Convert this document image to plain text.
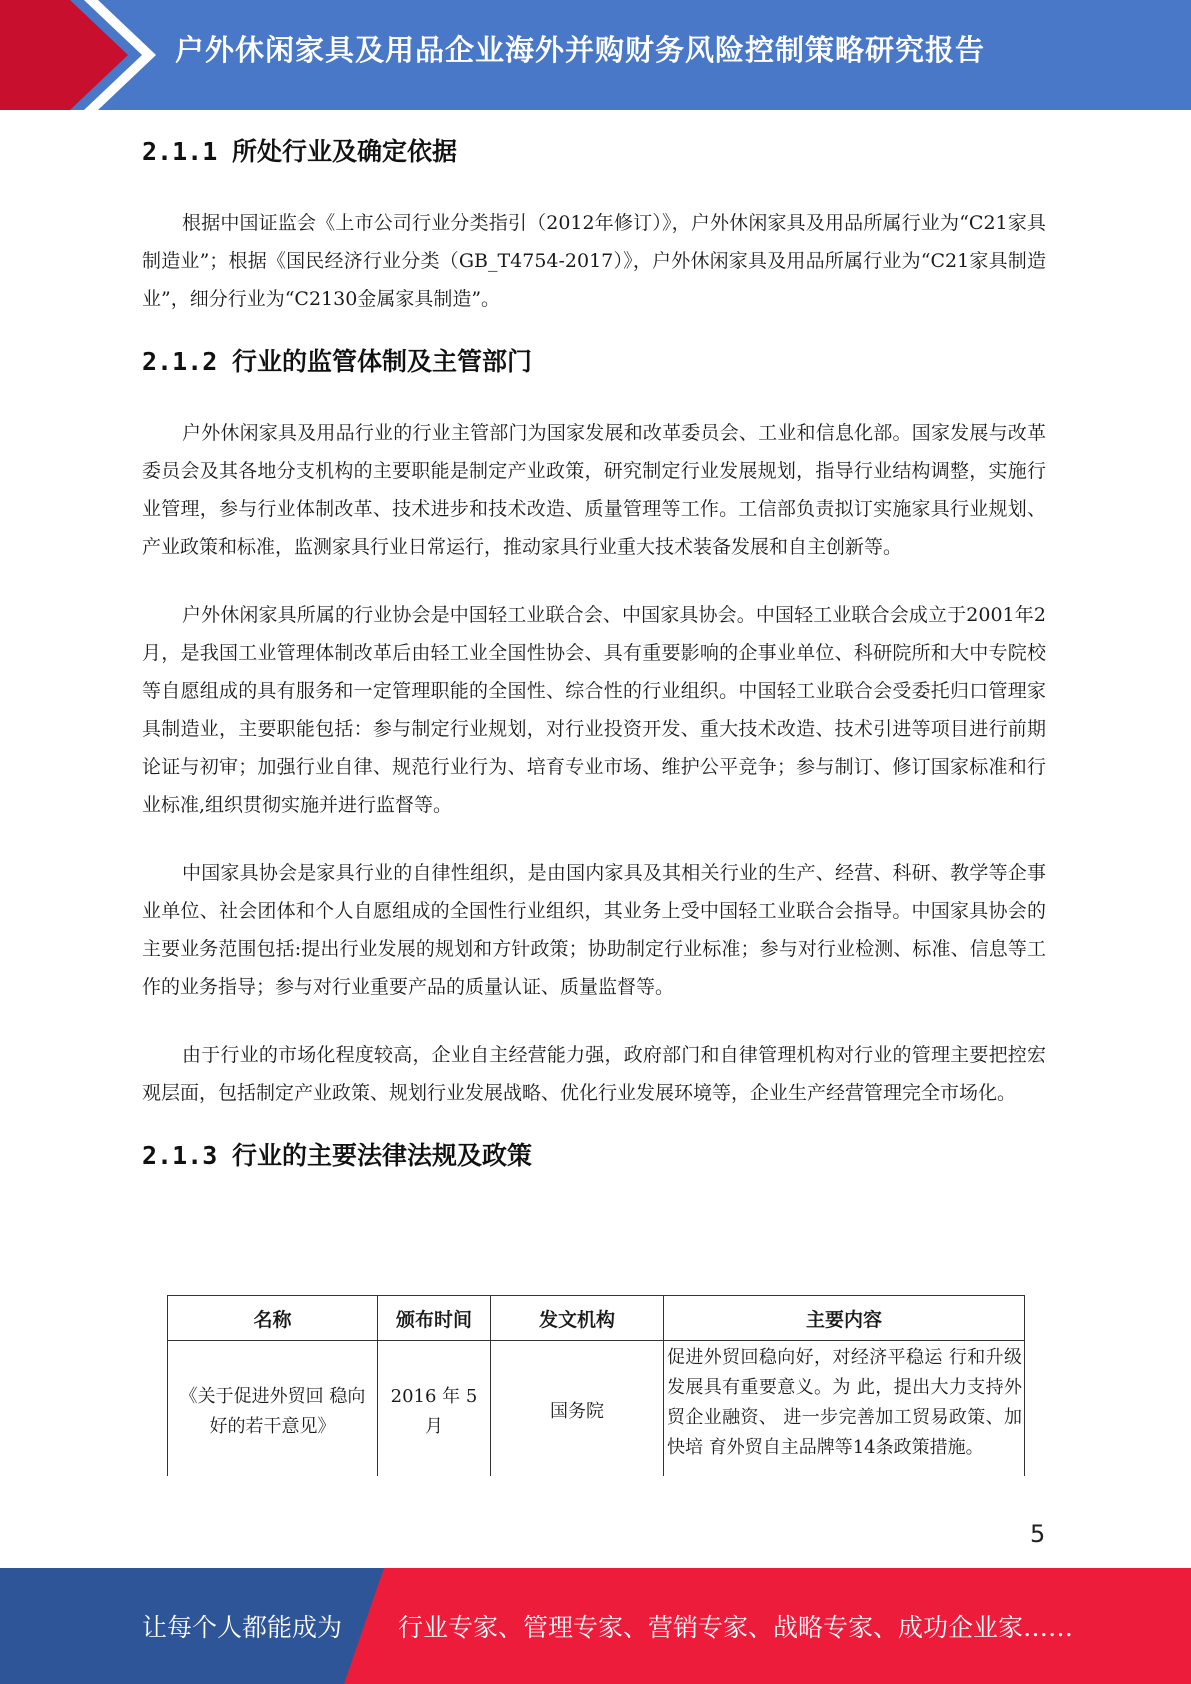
户外休闲家具及用品企业海外并购财务风险控制策略研究报告
2.1.1 所处行业及确定依据

根据中国证监会《上市公司行业分类指引（2012年修订）》，户外休闲家具及用品所属行业为“C21家具制造业”；根据《国民经济行业分类（GB_T4754-2017）》，户外休闲家具及用品所属行业为“C21家具制造业”，细分行业为“C2130金属家具制造”。

2.1.2 行业的监管体制及主管部门

户外休闲家具及用品行业的行业主管部门为国家发展和改革委员会、工业和信息化部。国家发展与改革委员会及其各地分支机构的主要职能是制定产业政策，研究制定行业发展规划，指导行业结构调整，实施行业管理，参与行业体制改革、技术进步和技术改造、质量管理等工作。工信部负责拟订实施家具行业规划、产业政策和标准，监测家具行业日常运行，推动家具行业重大技术装备发展和自主创新等。

户外休闲家具所属的行业协会是中国轻工业联合会、中国家具协会。中国轻工业联合会成立于2001年2月，是我国工业管理体制改革后由轻工业全国性协会、具有重要影响的企事业单位、科研院所和大中专院校等自愿组成的具有服务和一定管理职能的全国性、综合性的行业组织。中国轻工业联合会受委托归口管理家具制造业，主要职能包括：参与制定行业规划，对行业投资开发、重大技术改造、技术引进等项目进行前期论证与初审；加强行业自律、规范行业行为、培育专业市场、维护公平竞争；参与制订、修订国家标准和行业标准,组织贯彻实施并进行监督等。

中国家具协会是家具行业的自律性组织，是由国内家具及其相关行业的生产、经营、科研、教学等企事业单位、社会团体和个人自愿组成的全国性行业组织，其业务上受中国轻工业联合会指导。中国家具协会的主要业务范围包括:提出行业发展的规划和方针政策；协助制定行业标准；参与对行业检测、标准、信息等工作的业务指导；参与对行业重要产品的质量认证、质量监督等。

由于行业的市场化程度较高，企业自主经营能力强，政府部门和自律管理机构对行业的管理主要把控宏观层面，包括制定产业政策、规划行业发展战略、优化行业发展环境等，企业生产经营管理完全市场化。

2.1.3 行业的主要法律法规及政策
名称	颁布时间	发文机构	主要内容
《关于促进外贸回 稳向好的若干意见》	2016 年 5月	国务院	促进外贸回稳向好，对经济平稳运 行和升级发展具有重要意义。为 此，提出大力支持外贸企业融资、 进一步完善加工贸易政策、加快培 育外贸自主品牌等14条政策措施。
5
让每个人都能成为 行业专家、管理专家、营销专家、战略专家、成功企业家……
